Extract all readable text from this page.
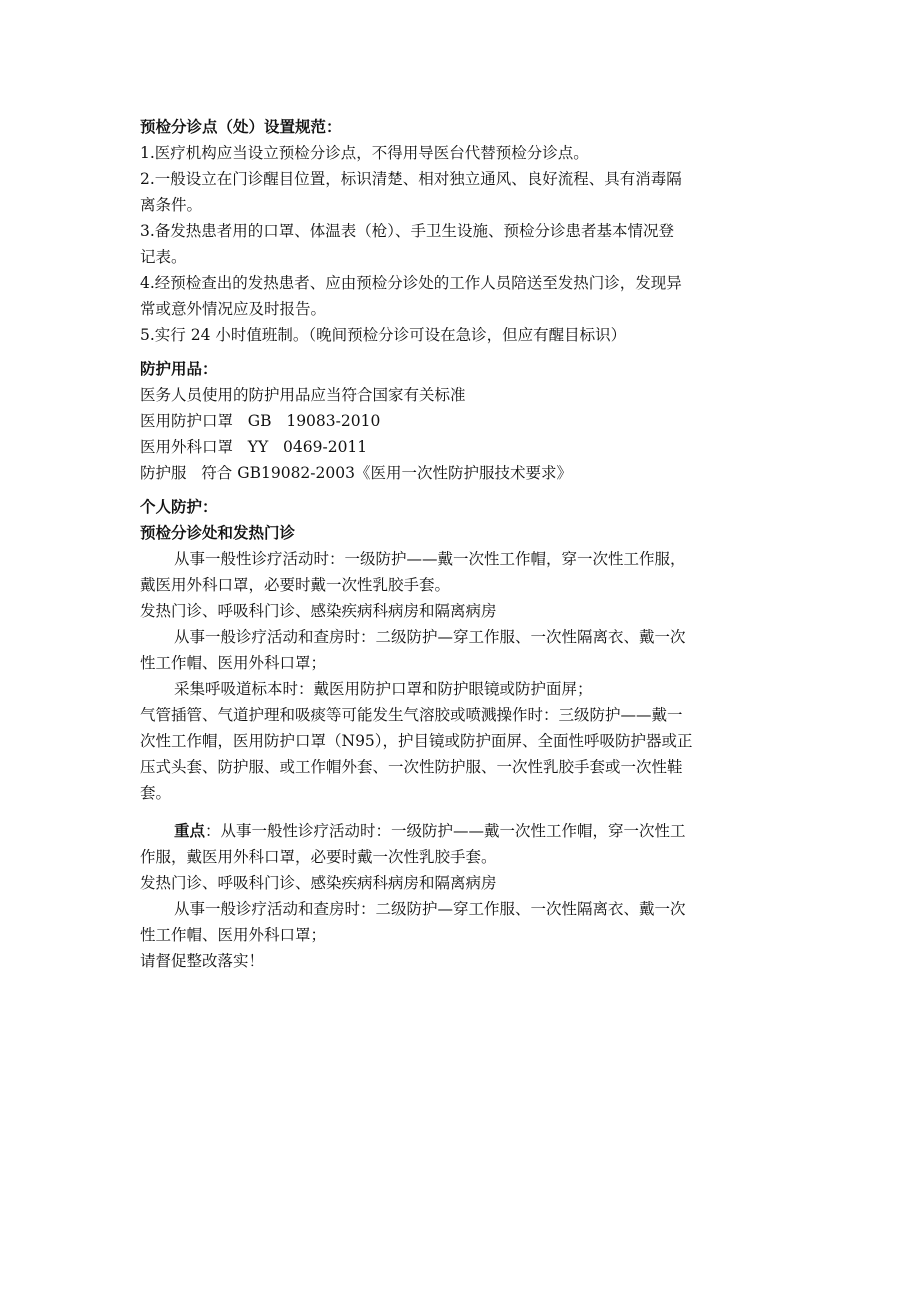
预检分诊点（处）设置规范：
1.医疗机构应当设立预检分诊点，不得用导医台代替预检分诊点。
2.一般设立在门诊醒目位置，标识清楚、相对独立通风、良好流程、具有消毒隔
离条件。
3.备发热患者用的口罩、体温表（枪）、手卫生设施、预检分诊患者基本情况登
记表。
4.经预检查出的发热患者、应由预检分诊处的工作人员陪送至发热门诊，发现异
常或意外情况应及时报告。
5.实行 24 小时值班制。（晚间预检分诊可设在急诊，但应有醒目标识）
防护用品：
医务人员使用的防护用品应当符合国家有关标准
医用防护口罩   GB   19083-2010
医用外科口罩   YY   0469-2011
防护服   符合 GB19082-2003《医用一次性防护服技术要求》
个人防护：
预检分诊处和发热门诊
从事一般性诊疗活动时：一级防护——戴一次性工作帽，穿一次性工作服，
戴医用外科口罩，必要时戴一次性乳胶手套。
发热门诊、呼吸科门诊、感染疾病科病房和隔离病房
从事一般诊疗活动和查房时：二级防护—穿工作服、一次性隔离衣、戴一次
性工作帽、医用外科口罩；
采集呼吸道标本时：戴医用防护口罩和防护眼镜或防护面屏；
气管插管、气道护理和吸痰等可能发生气溶胶或喷溅操作时：三级防护——戴一
次性工作帽，医用防护口罩（N95），护目镜或防护面屏、全面性呼吸防护器或正
压式头套、防护服、或工作帽外套、一次性防护服、一次性乳胶手套或一次性鞋
套。
重点：从事一般性诊疗活动时：一级防护——戴一次性工作帽，穿一次性工
作服，戴医用外科口罩，必要时戴一次性乳胶手套。
发热门诊、呼吸科门诊、感染疾病科病房和隔离病房
从事一般诊疗活动和查房时：二级防护—穿工作服、一次性隔离衣、戴一次
性工作帽、医用外科口罩；
请督促整改落实！
